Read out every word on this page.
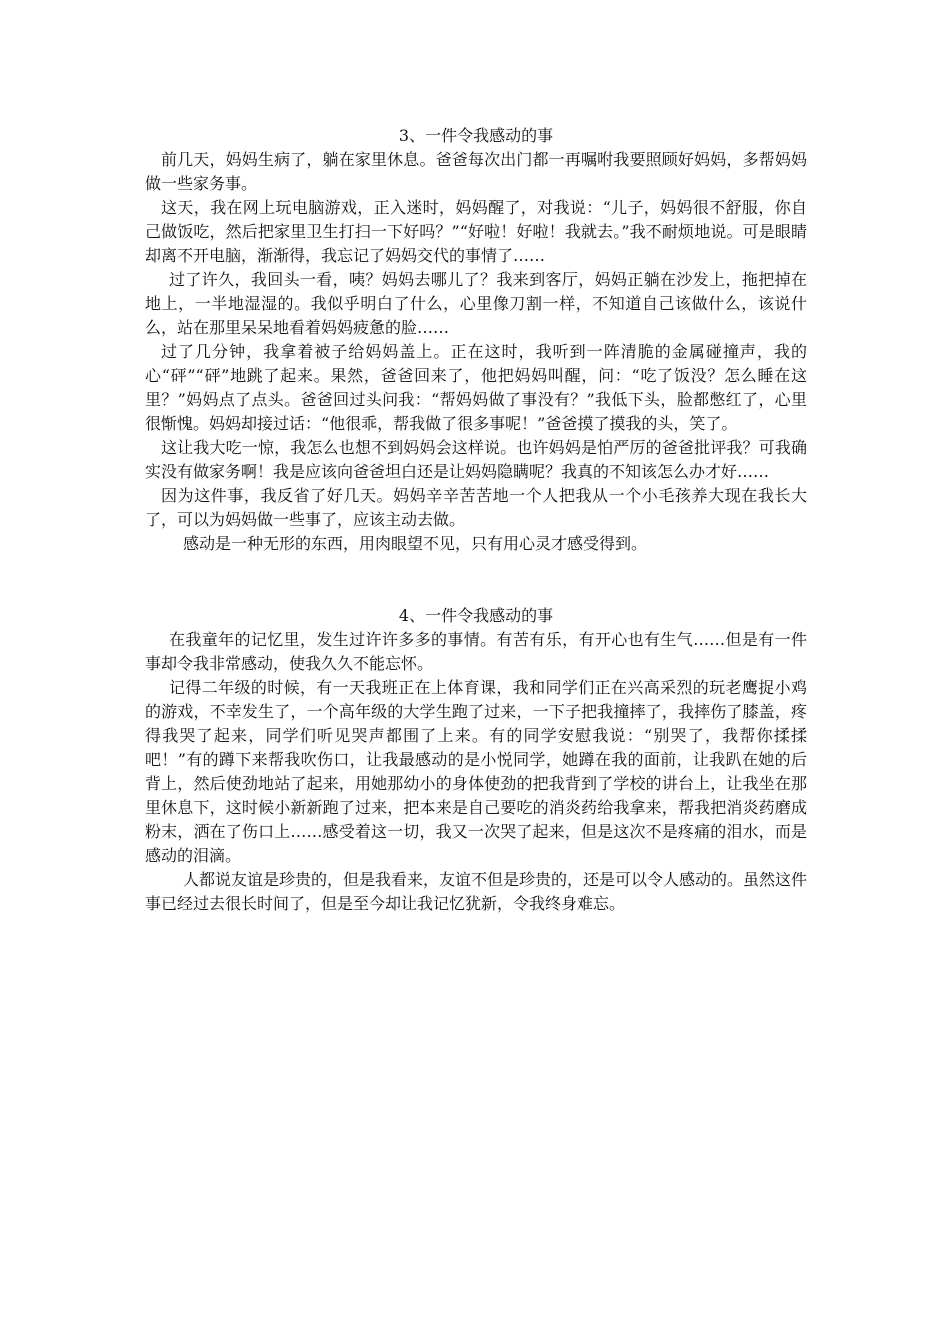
3、一件令我感动的事

前几天，妈妈生病了，躺在家里休息。爸爸每次出门都一再嘱咐我要照顾好妈妈，多帮妈妈做一些家务事。

这天，我在网上玩电脑游戏，正入迷时，妈妈醒了，对我说：“儿子，妈妈很不舒服，你自己做饭吃，然后把家里卫生打扫一下好吗？”“好啦！好啦！我就去。”我不耐烦地说。可是眼睛却离不开电脑，渐渐得，我忘记了妈妈交代的事情了……

过了许久，我回头一看，咦？妈妈去哪儿了？我来到客厅，妈妈正躺在沙发上，拖把掉在地上，一半地湿湿的。我似乎明白了什么，心里像刀割一样，不知道自己该做什么，该说什么，站在那里呆呆地看着妈妈疲惫的脸……

过了几分钟，我拿着被子给妈妈盖上。正在这时，我听到一阵清脆的金属碰撞声，我的心“砰”“砰”地跳了起来。果然，爸爸回来了，他把妈妈叫醒，问：“吃了饭没？怎么睡在这里？”妈妈点了点头。爸爸回过头问我：“帮妈妈做了事没有？”我低下头，脸都憋红了，心里很惭愧。妈妈却接过话：“他很乖，帮我做了很多事呢！”爸爸摸了摸我的头，笑了。

这让我大吃一惊，我怎么也想不到妈妈会这样说。也许妈妈是怕严厉的爸爸批评我？可我确实没有做家务啊！我是应该向爸爸坦白还是让妈妈隐瞒呢？我真的不知该怎么办才好……

因为这件事，我反省了好几天。妈妈辛辛苦苦地一个人把我从一个小毛孩养大现在我长大了，可以为妈妈做一些事了，应该主动去做。

感动是一种无形的东西，用肉眼望不见，只有用心灵才感受得到。

4、一件令我感动的事

在我童年的记忆里，发生过许许多多的事情。有苦有乐，有开心也有生气……但是有一件事却令我非常感动，使我久久不能忘怀。

记得二年级的时候，有一天我班正在上体育课，我和同学们正在兴高采烈的玩老鹰捉小鸡的游戏，不幸发生了，一个高年级的大学生跑了过来，一下子把我撞摔了，我摔伤了膝盖，疼得我哭了起来，同学们听见哭声都围了上来。有的同学安慰我说：“别哭了，我帮你揉揉吧！”有的蹲下来帮我吹伤口，让我最感动的是小悦同学，她蹲在我的面前，让我趴在她的后背上，然后使劲地站了起来，用她那幼小的身体使劲的把我背到了学校的讲台上，让我坐在那里休息下，这时候小新新跑了过来，把本来是自己要吃的消炎药给我拿来，帮我把消炎药磨成粉末，洒在了伤口上……感受着这一切，我又一次哭了起来，但是这次不是疼痛的泪水，而是感动的泪滴。

人都说友谊是珍贵的，但是我看来，友谊不但是珍贵的，还是可以令人感动的。虽然这件事已经过去很长时间了，但是至今却让我记忆犹新，令我终身难忘。
